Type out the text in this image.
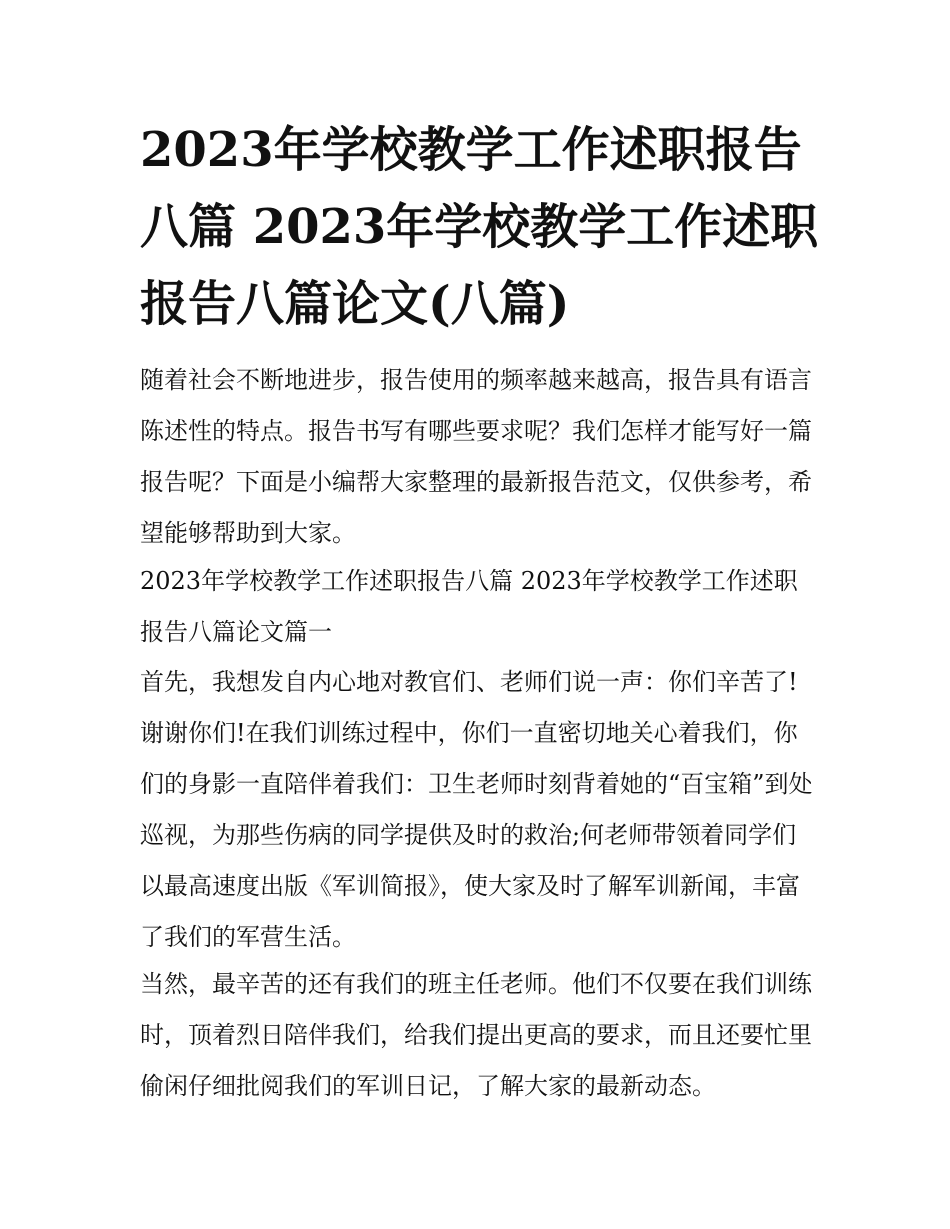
2023年学校教学工作述职报告八篇 2023年学校教学工作述职报告八篇论文(八篇)

随着社会不断地进步，报告使用的频率越来越高，报告具有语言陈述性的特点。报告书写有哪些要求呢？我们怎样才能写好一篇报告呢？下面是小编帮大家整理的最新报告范文，仅供参考，希望能够帮助到大家。

2023年学校教学工作述职报告八篇 2023年学校教学工作述职报告八篇论文篇一

首先，我想发自内心地对教官们、老师们说一声：你们辛苦了!谢谢你们!在我们训练过程中，你们一直密切地关心着我们，你们的身影一直陪伴着我们：卫生老师时刻背着她的“百宝箱”到处巡视，为那些伤病的同学提供及时的救治;何老师带领着同学们以最高速度出版《军训简报》，使大家及时了解军训新闻，丰富了我们的军营生活。

当然，最辛苦的还有我们的班主任老师。他们不仅要在我们训练时，顶着烈日陪伴我们，给我们提出更高的要求，而且还要忙里偷闲仔细批阅我们的军训日记，了解大家的最新动态。
